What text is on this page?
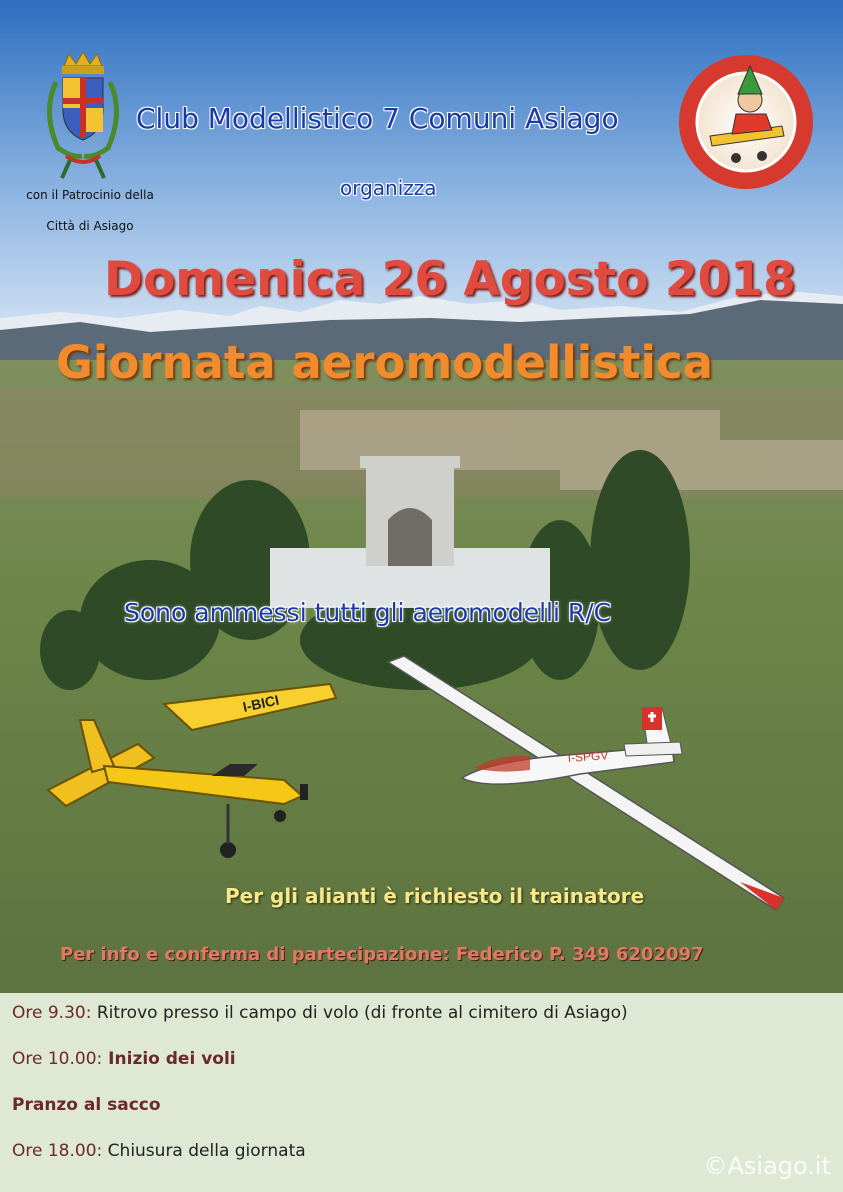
con il Patrocinio della
Città di Asiago
Club Modellistico 7 Comuni Asiago
organizza
Domenica 26 Agosto 2018
Giornata aeromodellistica
Sono ammessi tutti gli aeromodelli R/C
I-BICI
I-SPGV
Per gli alianti è richiesto il trainatore
Per info e conferma di partecipazione: Federico P. 349 6202097

Ore 9.30: Ritrovo presso il campo di volo (di fronte al cimitero di Asiago)

Ore 10.00: Inizio dei voli

Pranzo al sacco

Ore 18.00: Chiusura della giornata

©Asiago.it
